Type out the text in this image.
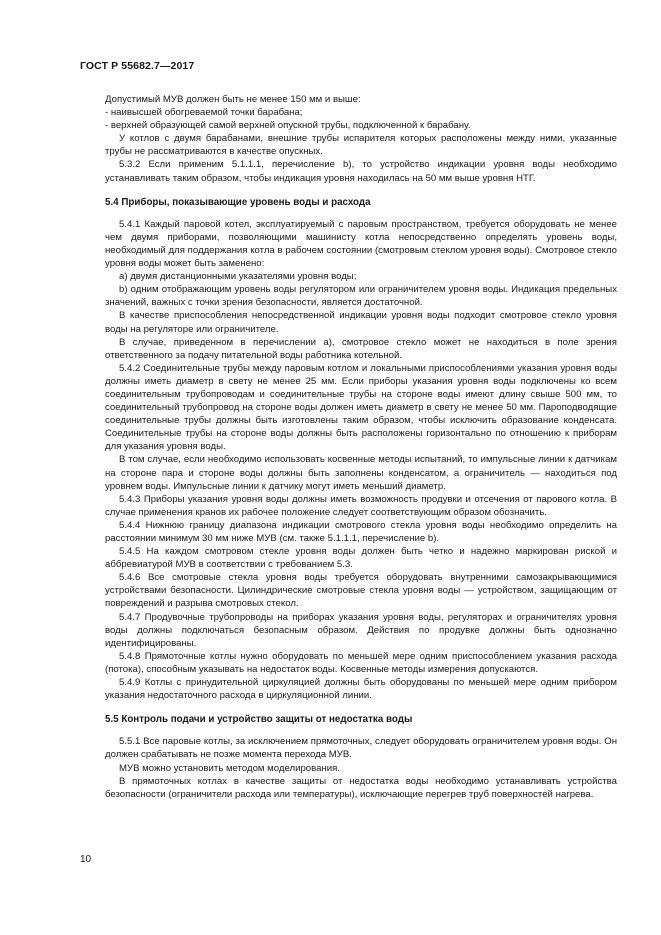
ГОСТ Р 55682.7—2017

Допустимый МУВ должен быть не менее 150 мм и выше:

- наивысшей обогреваемой точки барабана;

- верхней образующей самой верхней опускной трубы, подключенной к барабану.

У котлов с двумя барабанами, внешние трубы испарителя которых расположены между ними, указанные трубы не рассматриваются в качестве опускных.

5.3.2 Если применим 5.1.1.1, перечисление b), то устройство индикации уровня воды необходимо устанавливать таким образом, чтобы индикация уровня находилась на 50 мм выше уровня НТГ.

5.4 Приборы, показывающие уровень воды и расхода

5.4.1 Каждый паровой котел, эксплуатируемый с паровым пространством, требуется оборудовать не менее чем двумя приборами, позволяющими машинисту котла непосредственно определять уровень воды, необходимый для поддержания котла в рабочем состоянии (смотровым стеклом уровня воды). Смотровое стекло уровня воды может быть заменено:

а) двумя дистанционными указателями уровня воды;

b) одним отображающим уровень воды регулятором или ограничителем уровня воды. Индикация предельных значений, важных с точки зрения безопасности, является достаточной.

В качестве приспособления непосредственной индикации уровня воды подходит смотровое стекло уровня воды на регуляторе или ограничителе.

В случае, приведенном в перечислении а), смотровое стекло может не находиться в поле зрения ответственного за подачу питательной воды работника котельной.

5.4.2 Соединительные трубы между паровым котлом и локальными приспособлениями указания уровня воды должны иметь диаметр в свету не менее 25 мм. Если приборы указания уровня воды подключены ко всем соединительным трубопроводам и соединительные трубы на стороне воды имеют длину свыше 500 мм, то соединительный трубопровод на стороне воды должен иметь диаметр в свету не менее 50 мм. Пароподводящие соединительные трубы должны быть изготовлены таким образом, чтобы исключить образование конденсата. Соединительные трубы на стороне воды должны быть расположены горизонтально по отношению к приборам для указания уровня воды.

В том случае, если необходимо использовать косвенные методы испытаний, то импульсные линии к датчикам на стороне пара и стороне воды должны быть заполнены конденсатом, а ограничитель — находиться под уровнем воды. Импульсные линии к датчику могут иметь меньший диаметр.

5.4.3 Приборы указания уровня воды должны иметь возможность продувки и отсечения от парового котла. В случае применения кранов их рабочее положение следует соответствующим образом обозначить.

5.4.4 Нижнюю границу диапазона индикации смотрового стекла уровня воды необходимо определить на расстоянии минимум 30 мм ниже МУВ (см. также 5.1.1.1, перечисление b).

5.4.5 На каждом смотровом стекле уровня воды должен быть четко и надежно маркирован риской и аббревиатурой МУВ в соответствии с требованием 5.3.

5.4.6 Все смотровые стекла уровня воды требуется оборудовать внутренними самозакрывающимися устройствами безопасности. Цилиндрические смотровые стекла уровня воды — устройством, защищающим от повреждений и разрыва смотровых стекол.

5.4.7 Продувочные трубопроводы на приборах указания уровня воды, регуляторах и ограничителях уровня воды должны подключаться безопасным образом. Действия по продувке должны быть однозначно идентифицированы.

5.4.8 Прямоточные котлы нужно оборудовать по меньшей мере одним приспособлением указания расхода (потока), способным указывать на недостаток воды. Косвенные методы измерения допускаются.

5.4.9 Котлы с принудительной циркуляцией должны быть оборудованы по меньшей мере одним прибором указания недостаточного расхода в циркуляционной линии.

5.5 Контроль подачи и устройство защиты от недостатка воды

5.5.1 Все паровые котлы, за исключением прямоточных, следует оборудовать ограничителем уровня воды. Он должен срабатывать не позже момента перехода МУВ.

МУВ можно установить методом моделирования.

В прямоточных котлах в качестве защиты от недостатка воды необходимо устанавливать устройства безопасности (ограничители расхода или температуры), исключающие перегрев труб поверхностей нагрева.

10
